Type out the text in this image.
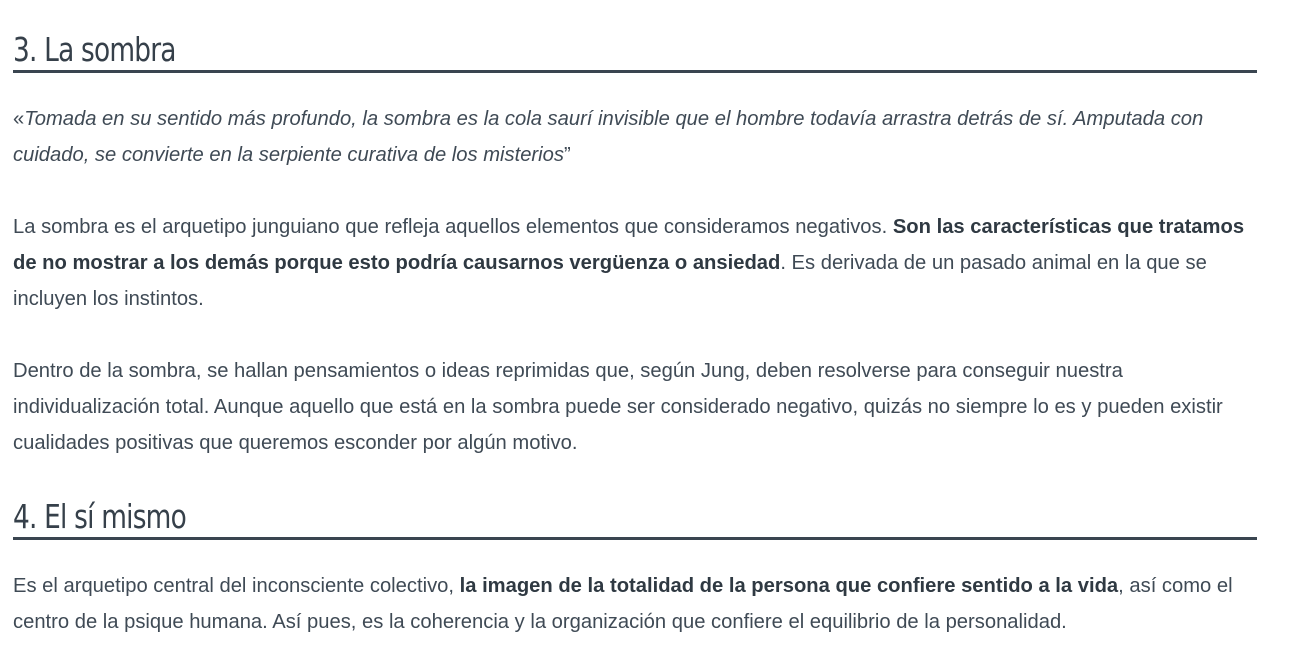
3. La sombra

«Tomada en su sentido más profundo, la sombra es la cola saurí invisible que el hombre todavía arrastra detrás de sí. Amputada con cuidado, se convierte en la serpiente curativa de los misterios”

La sombra es el arquetipo junguiano que refleja aquellos elementos que consideramos negativos. Son las características que tratamos de no mostrar a los demás porque esto podría causarnos vergüenza o ansiedad. Es derivada de un pasado animal en la que se incluyen los instintos.

Dentro de la sombra, se hallan pensamientos o ideas reprimidas que, según Jung, deben resolverse para conseguir nuestra individualización total. Aunque aquello que está en la sombra puede ser considerado negativo, quizás no siempre lo es y pueden existir cualidades positivas que queremos esconder por algún motivo.

4. El sí mismo

Es el arquetipo central del inconsciente colectivo, la imagen de la totalidad de la persona que confiere sentido a la vida, así como el centro de la psique humana. Así pues, es la coherencia y la organización que confiere el equilibrio de la personalidad.
